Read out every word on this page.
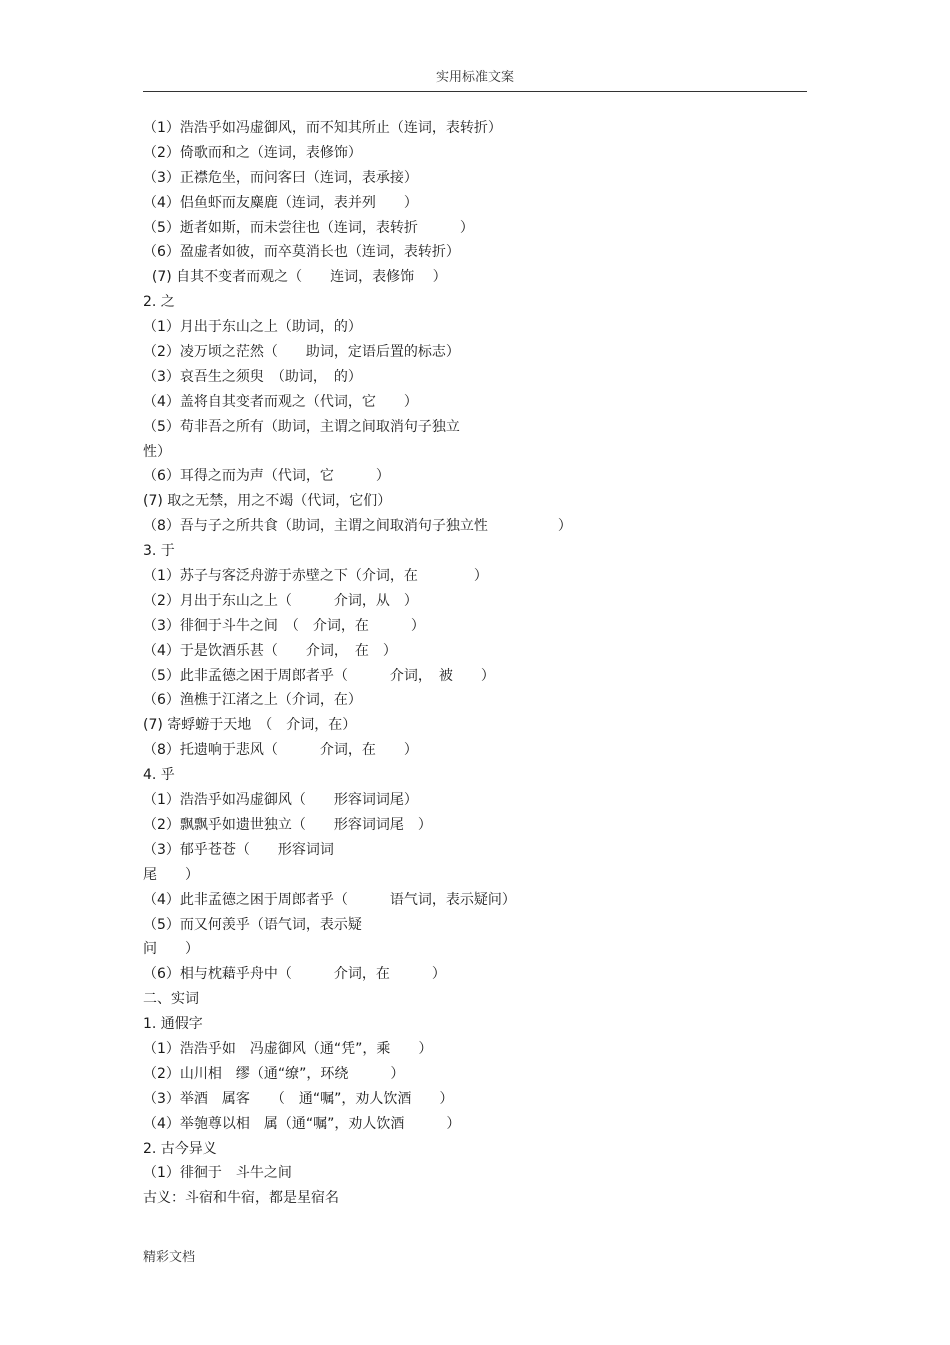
实用标准文案
（1）浩浩乎如冯虚御风，而不知其所止（连词，表转折）
（2）倚歌而和之（连词，表修饰）
（3）正襟危坐，而问客曰（连词，表承接）
（4）侣鱼虾而友麋鹿（连词，表并列　　）
（5）逝者如斯，而未尝往也（连词，表转折　　　）
（6）盈虚者如彼，而卒莫消长也（连词，表转折）
(7) 自其不变者而观之（　　连词，表修饰　 ）
2. 之
（1）月出于东山之上（助词，的）
（2）凌万顷之茫然（　　助词，定语后置的标志）
（3）哀吾生之须臾　（助词，　的）
（4）盖将自其变者而观之（代词，它　　）
（5）苟非吾之所有（助词，主谓之间取消句子独立
性）
（6）耳得之而为声（代词，它　　　）
(7) 取之无禁，用之不竭（代词，它们）
（8）吾与子之所共食（助词，主谓之间取消句子独立性　　　　　）
3. 于
（1）苏子与客泛舟游于赤壁之下（介词，在　　　　）
（2）月出于东山之上（　　　介词，从　）
（3）徘徊于斗牛之间　（　介词，在　　　）
（4）于是饮酒乐甚（　　介词，　在　）
（5）此非孟德之困于周郎者乎（　　　介词，　被　　）
（6）渔樵于江渚之上（介词，在）
(7) 寄蜉蝣于天地　（　介词，在）
（8）托遗响于悲风（　　　介词，在　　）
4. 乎
（1）浩浩乎如冯虚御风（　　形容词词尾）
（2）飘飘乎如遗世独立（　　形容词词尾　）
（3）郁乎苍苍（　　形容词词
尾　　）
（4）此非孟德之困于周郎者乎（　　　语气词，表示疑问）
（5）而又何羡乎（语气词，表示疑
问　　）
（6）相与枕藉乎舟中（　　　介词，在　　　）
二、实词
1. 通假字
（1）浩浩乎如　冯虚御风（通“凭”，乘　　）
（2）山川相　缪（通“缭”，环绕　　　）
（3）举酒　属客　　（　通“嘱”，劝人饮酒　　）
（4）举匏尊以相　属（通“嘱”，劝人饮酒　　　）
2. 古今异义
（1）徘徊于　斗牛之间
古义：斗宿和牛宿，都是星宿名
精彩文档
